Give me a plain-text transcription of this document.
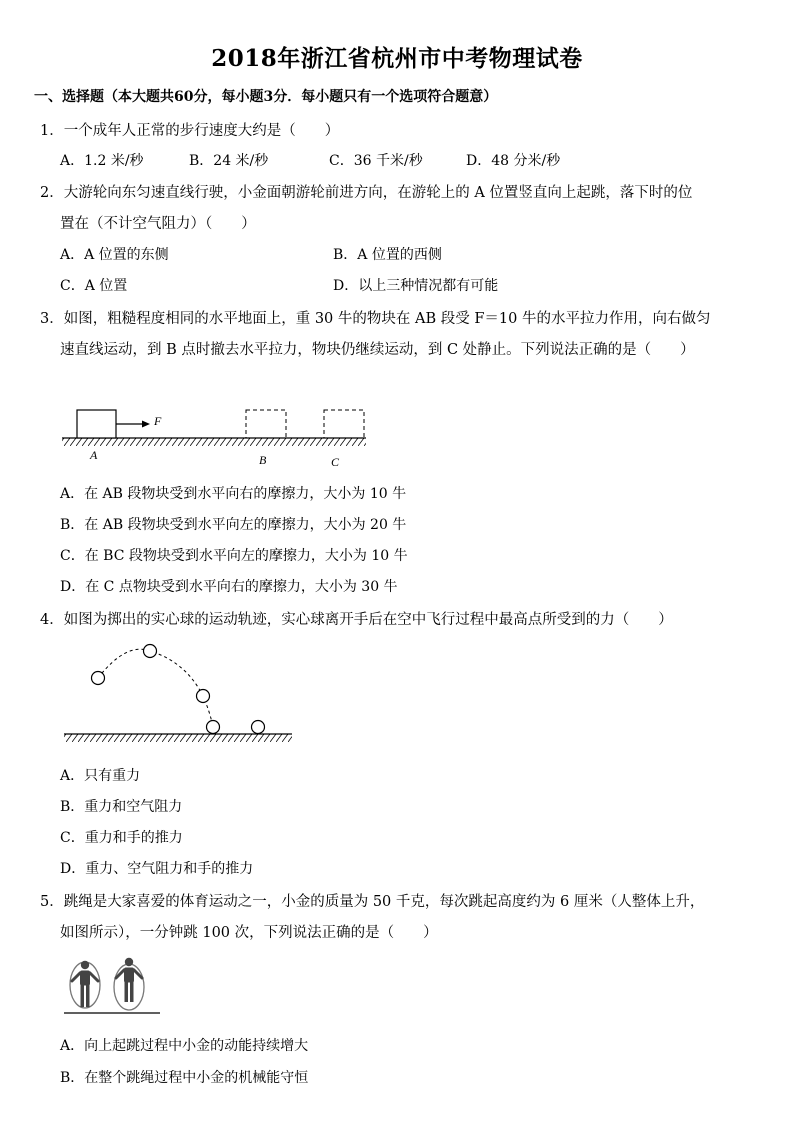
2018年浙江省杭州市中考物理试卷
一、选择题（本大题共60分，每小题3分．每小题只有一个选项符合题意）
1．一个成年人正常的步行速度大约是（　　）
A．1.2 米/秒	B．24 米/秒	C．36 千米/秒	D．48 分米/秒
2．大游轮向东匀速直线行驶，小金面朝游轮前进方向，在游轮上的 A 位置竖直向上起跳，落下时的位
置在（不计空气阻力）（　　）
A．A 位置的东侧	B．A 位置的西侧
C．A 位置	D．以上三种情况都有可能
3．如图，粗糙程度相同的水平地面上，重 30 牛的物块在 AB 段受 F＝10 牛的水平拉力作用，向右做匀
速直线运动，到 B 点时撤去水平拉力，物块仍继续运动，到 C 处静止。下列说法正确的是（　　）
F
A	B	C
A．在 AB 段物块受到水平向右的摩擦力，大小为 10 牛
B．在 AB 段物块受到水平向左的摩擦力，大小为 20 牛
C．在 BC 段物块受到水平向左的摩擦力，大小为 10 牛
D．在 C 点物块受到水平向右的摩擦力，大小为 30 牛
4．如图为掷出的实心球的运动轨迹，实心球离开手后在空中飞行过程中最高点所受到的力（　　）
A．只有重力
B．重力和空气阻力
C．重力和手的推力
D．重力、空气阻力和手的推力
5．跳绳是大家喜爱的体育运动之一，小金的质量为 50 千克，每次跳起高度约为 6 厘米（人整体上升，
如图所示），一分钟跳 100 次，下列说法正确的是（　　）
A．向上起跳过程中小金的动能持续增大
B．在整个跳绳过程中小金的机械能守恒
